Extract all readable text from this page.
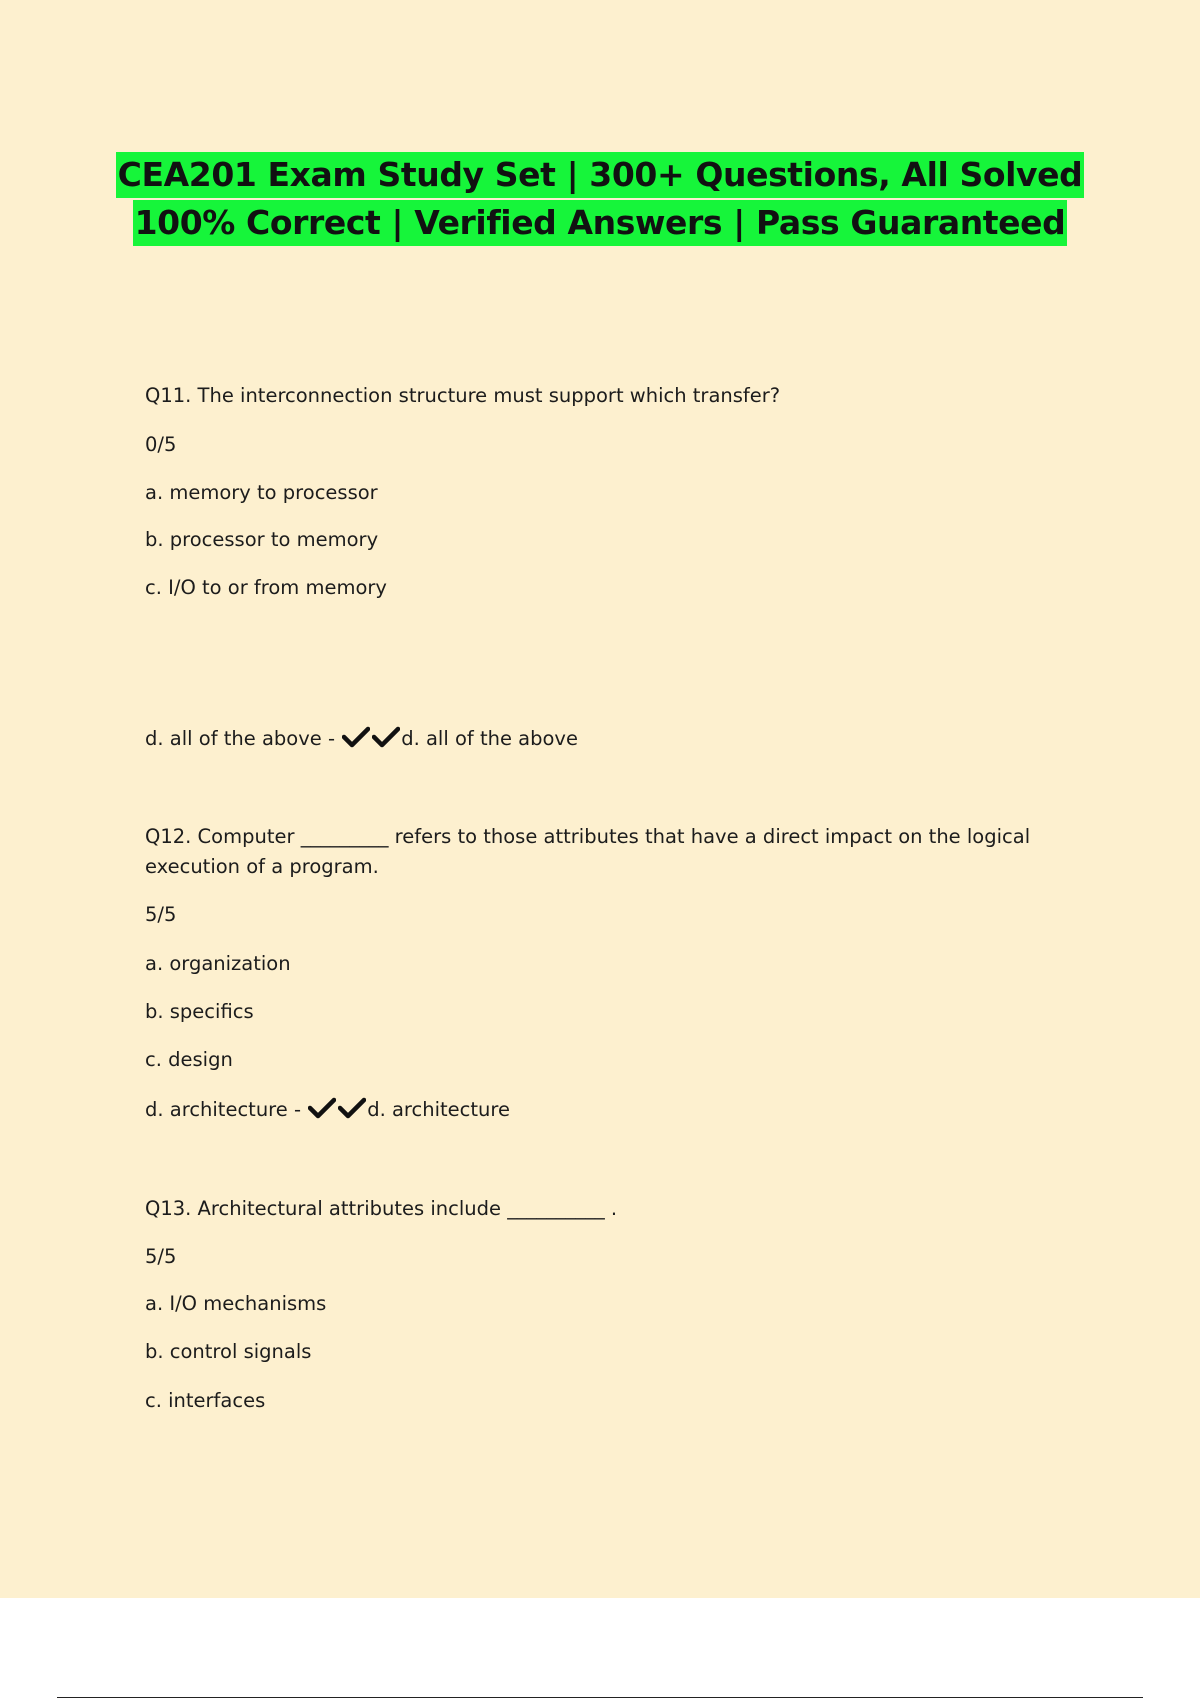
CEA201 Exam Study Set | 300+ Questions, All Solved
100% Correct | Verified Answers | Pass Guaranteed
Q11. The interconnection structure must support which transfer?
0/5
a. memory to processor
b. processor to memory
c. I/O to or from memory
d. all of the above -	d. all of the above
Q12. Computer _________ refers to those attributes that have a direct impact on the logical execution of a program.
5/5
a. organization
b. specifics
c. design
d. architecture -	d. architecture
Q13. Architectural attributes include __________ .
5/5
a. I/O mechanisms
b. control signals
c. interfaces
